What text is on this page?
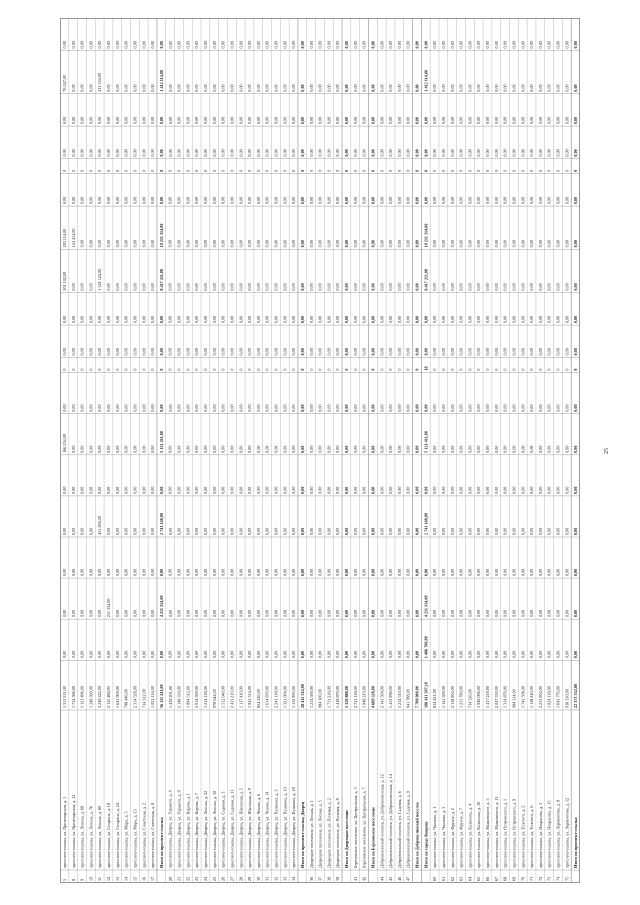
5
проспект-ссылка, ул. Пролетарская, д. 1
1 311 531,00
0,00
0,00
0,00
0,00
0,00
166 254,00
0,00
0
0,00
0,00
201 102,00
203 114,00
0,00
0
0,00
0,00
76 247,00
0,00
8
проспект-ссылка, ул. Пролетарская, д. 12
1 714 566,00
0,00
0,00
0,00
0,00
0,00
0,00
0,00
0
0,00
0,00
0,00
154 414,00
0,00
0
0,00
0,00
0,00
0,00
9
проспект-ссылка, ул. Ленина, д. 68
1 121 496,00
0,00
0,00
0,00
0,00
0,00
0,00
0,00
0
0,00
0,00
0,00
0,00
0,00
0
0,00
0,00
0,00
0,00
10
проспект-ссылка, ул. Ленина, д. 76
1 248 300,00
0,00
0,00
0,00
0,00
0,00
0,00
0,00
0
0,00
0,00
0,00
0,00
0,00
0
0,00
0,00
0,00
0,00
11
проспект-ссылка, ул. Ленина, д. 80
3 248 222,00
0,00
0,00
0,00
451 294,00
0,00
0,00
0,00
0
0,00
0,00
1 521 124,00
0,00
0,00
0
0,00
0,00
211 354,00
0,00
12
проспект-ссылка, ул. Гагарина, д. 18
2 111 468,00
0,00
211 334,00
0,00
0,00
0,00
0,00
0,00
0
0,00
0,00
0,00
0,00
0,00
0
0,00
0,00
0,00
0,00
13
проспект-ссылка, ул. Гагарина, д. 24
1 641 900,00
0,00
0,00
0,00
0,00
0,00
0,00
0,00
0
0,00
0,00
0,00
0,00
0,00
0
0,00
0,00
0,00
0,00
14
проспект-ссылка, ул. Мира, д. 5
798 440,00
0,00
0,00
0,00
0,00
0,00
0,00
0,00
0
0,00
0,00
0,00
0,00
0,00
0
0,00
0,00
0,00
0,00
15
проспект-ссылка, ул. Мира, д. 13
2 314 528,00
0,00
0,00
0,00
0,00
0,00
0,00
0,00
0
0,00
0,00
0,00
0,00
0,00
0
0,00
0,00
0,00
0,00
16
проспект-ссылка, ул. Советская, д. 2
714 312,00
0,00
0,00
0,00
0,00
0,00
0,00
0,00
0
0,00
0,00
0,00
0,00
0,00
0
0,00
0,00
0,00
0,00
17
проспект-ссылка, ул. Советская, д. 8
1 021 114,00
0,00
0,00
0,00
0,00
0,00
0,00
0,00
0
0,00
0,00
0,00
0,00
0,00
0
0,00
0,00
0,00
0,00
Итого по проспект-ссылка
56 111 241,00
0,00
4 211 314,00
0,00
2 741 148,00
0,00
5 121 411,00
0,00
0
0,00
0,00
8 417 211,00
10 211 314,00
0,00
0
0,00
0,00
1 412 114,00
0,00
20
проспект-ссылка, Дворец, ул. Горького, д. 4
1 418 201,00
0,00
0,00
0,00
0,00
0,00
0,00
0,00
0
0,00
0,00
0,00
0,00
0,00
0
0,00
0,00
0,00
0,00
21
проспект-ссылка, Дворец, ул. Горького, д. 9
2 148 330,00
0,00
0,00
0,00
0,00
0,00
0,00
0,00
0
0,00
0,00
0,00
0,00
0,00
0
0,00
0,00
0,00
0,00
22
проспект-ссылка, Дворец, ул. Кирова, д. 1
1 894 512,00
0,00
0,00
0,00
0,00
0,00
0,00
0,00
0
0,00
0,00
0,00
0,00
0,00
0
0,00
0,00
0,00
0,00
23
проспект-ссылка, Дворец, ул. Кирова, д. 7
2 014 300,00
0,00
0,00
0,00
0,00
0,00
0,00
0,00
0
0,00
0,00
0,00
0,00
0,00
0
0,00
0,00
0,00
0,00
24
проспект-ссылка, Дворец, ул. Ленина, д. 22
1 214 118,00
0,00
0,00
0,00
0,00
0,00
0,00
0,00
0
0,00
0,00
0,00
0,00
0,00
0
0,00
0,00
0,00
0,00
25
проспект-ссылка, Дворец, ул. Ленина, д. 30
978 644,00
0,00
0,00
0,00
0,00
0,00
0,00
0,00
0
0,00
0,00
0,00
0,00
0,00
0
0,00
0,00
0,00
0,00
26
проспект-ссылка, Дворец, ул. Садовая, д. 3
1 512 040,00
0,00
0,00
0,00
0,00
0,00
0,00
0,00
0
0,00
0,00
0,00
0,00
0,00
0
0,00
0,00
0,00
0,00
27
проспект-ссылка, Дворец, ул. Садовая, д. 11
2 411 210,00
0,00
0,00
0,00
0,00
0,00
0,00
0,00
0
0,00
0,00
0,00
0,00
0,00
0
0,00
0,00
0,00
0,00
28
проспект-ссылка, Дворец, ул. Школьная, д. 5
1 117 410,00
0,00
0,00
0,00
0,00
0,00
0,00
0,00
0
0,00
0,00
0,00
0,00
0,00
0
0,00
0,00
0,00
0,00
29
проспект-ссылка, Дворец, ул. Школьная, д. 9
1 941 314,00
0,00
0,00
0,00
0,00
0,00
0,00
0,00
0
0,00
0,00
0,00
0,00
0,00
0
0,00
0,00
0,00
0,00
30
проспект-ссылка, Дворец, ул. Чехова, д. 6
854 220,00
0,00
0,00
0,00
0,00
0,00
0,00
0,00
0
0,00
0,00
0,00
0,00
0,00
0
0,00
0,00
0,00
0,00
31
проспект-ссылка, Дворец, ул. Чехова, д. 14
1 614 870,00
0,00
0,00
0,00
0,00
0,00
0,00
0,00
0
0,00
0,00
0,00
0,00
0,00
0
0,00
0,00
0,00
0,00
32
проспект-ссылка, Дворец, ул. Пушкина, д. 2
2 241 118,00
0,00
0,00
0,00
0,00
0,00
0,00
0,00
0
0,00
0,00
0,00
0,00
0,00
0
0,00
0,00
0,00
0,00
33
проспект-ссылка, Дворец, ул. Пушкина, д. 10
1 321 004,00
0,00
0,00
0,00
0,00
0,00
0,00
0,00
0
0,00
0,00
0,00
0,00
0,00
0
0,00
0,00
0,00
0,00
34
проспект-ссылка, Дворец, ул. Пушкина, д. 18
1 112 900,00
0,00
0,00
0,00
0,00
0,00
0,00
0,00
0
0,00
0,00
0,00
0,00
0,00
0
0,00
0,00
0,00
0,00
Итого по проспект-ссылка, Дворец
28 411 314,00
0,00
0,00
0,00
0,00
0,00
0,00
0,00
0
0,00
0,00
0,00
0,00
0,00
0
0,00
0,00
0,00
0,00
36
Дворецкое поселение, ул. Лесная, д. 1
1 214 500,00
0,00
0,00
0,00
0,00
0,00
0,00
0,00
0
0,00
0,00
0,00
0,00
0,00
0
0,00
0,00
0,00
0,00
37
Дворецкое поселение, ул. Лесная, д. 5
984 300,00
0,00
0,00
0,00
0,00
0,00
0,00
0,00
0
0,00
0,00
0,00
0,00
0,00
0
0,00
0,00
0,00
0,00
38
Дворецкое поселение, ул. Полевая, д. 2
1 711 218,00
0,00
0,00
0,00
0,00
0,00
0,00
0,00
0
0,00
0,00
0,00
0,00
0,00
0
0,00
0,00
0,00
0,00
39
Дворецкое поселение, ул. Полевая, д. 8
1 418 870,00
0,00
0,00
0,00
0,00
0,00
0,00
0,00
0
0,00
0,00
0,00
0,00
0,00
0
0,00
0,00
0,00
0,00
Итого по Дворецкое поселение
5 328 888,00
0,00
0,00
0,00
0,00
0,00
0,00
0,00
0
0,00
0,00
0,00
0,00
0,00
0
0,00
0,00
0,00
0,00
41
Березовское поселение, ул. Центральная, д. 3
2 741 118,00
0,00
0,00
0,00
0,00
0,00
0,00
0,00
0
0,00
0,00
0,00
0,00
0,00
0
0,00
0,00
0,00
0,00
42
Березовское поселение, ул. Центральная, д. 7
1 948 210,00
0,00
0,00
0,00
0,00
0,00
0,00
0,00
0
0,00
0,00
0,00
0,00
0,00
0
0,00
0,00
0,00
0,00
Итого по Березовское поселение
4 689 328,00
0,00
0,00
0,00
0,00
0,00
0,00
0,00
0
0,00
0,00
0,00
0,00
0,00
0
0,00
0,00
0,00
0,00
44
Доброволинский поселок, ул. Доброволинская, д. 12
2 141 504,00
0,00
0,00
0,00
0,00
0,00
0,00
0,00
0
0,00
0,00
0,00
0,00
0,00
0
0,00
0,00
0,00
0,00
45
Доброволинский поселок, ул. Доброволинская, д. 14
1 411 098,00
0,00
0,00
0,00
0,00
0,00
0,00
0,00
0
0,00
0,00
0,00
0,00
0,00
0
0,00
0,00
0,00
0,00
46
Доброволинский поселок, ул. Садовая, д. 6
3 214 510,00
0,00
0,00
0,00
0,00
0,00
0,00
0,00
0
0,00
0,00
0,00
0,00
0,00
0
0,00
0,00
0,00
0,00
47
Доброволинский поселок, ул. Садовая, д. 9
941 788,00
0,00
0,00
0,00
0,00
0,00
0,00
0,00
0
0,00
0,00
0,00
0,00
0,00
0
0,00
0,00
0,00
0,00
Итого по Доброволинский поселок
7 708 900,00
0,00
0,00
0,00
0,00
0,00
0,00
0,00
0
0,00
0,00
0,00
0,00
0,00
0
0,00
0,00
0,00
0,00
Итого по городу Коврову
108 411 397,10
1 406 700,00
4 211 314,00
0,00
2 741 148,00
0,00
5 121 411,00
0,00
18
0,00
0,00
8 417 211,00
10 211 314,00
0,00
0
0,00
0,00
1 412 114,00
0,00
60
проспект-ссылка, ул. Чкалова, д. 1
814 221,00
0,00
0,00
0,00
0,00
0,00
0,00
0,00
0
0,00
0,00
0,00
0,00
0,00
0
0,00
0,00
0,00
0,00
61
проспект-ссылка, ул. Чкалова, д. 3
1 141 300,00
0,00
0,00
0,00
0,00
0,00
0,00
0,00
0
0,00
0,00
0,00
0,00
0,00
0
0,00
0,00
0,00
0,00
62
проспект-ссылка, ул. Фрунзе, д. 2
2 118 004,00
0,00
0,00
0,00
0,00
0,00
0,00
0,00
0
0,00
0,00
0,00
0,00
0,00
0
0,00
0,00
0,00
0,00
63
проспект-ссылка, ул. Фрунзе, д. 7
1 211 780,00
0,00
0,00
0,00
0,00
0,00
0,00
0,00
0
0,00
0,00
0,00
0,00
0,00
0
0,00
0,00
0,00
0,00
64
проспект-ссылка, ул. Калинина, д. 4
714 520,00
0,00
0,00
0,00
0,00
0,00
0,00
0,00
0
0,00
0,00
0,00
0,00
0,00
0
0,00
0,00
0,00
0,00
65
проспект-ссылка, ул. Калинина, д. 10
1 948 006,00
0,00
0,00
0,00
0,00
0,00
0,00
0,00
0
0,00
0,00
0,00
0,00
0,00
0
0,00
0,00
0,00
0,00
66
проспект-ссылка, ул. Маяковского, д. 5
1 417 218,00
0,00
0,00
0,00
0,00
0,00
0,00
0,00
0
0,00
0,00
0,00
0,00
0,00
0
0,00
0,00
0,00
0,00
67
проспект-ссылка, ул. Маяковского, д. 11
2 047 330,00
0,00
0,00
0,00
0,00
0,00
0,00
0,00
0
0,00
0,00
0,00
0,00
0,00
0
0,00
0,00
0,00
0,00
68
проспект-ссылка, ул. Островского, д. 1
1 314 870,00
0,00
0,00
0,00
0,00
0,00
0,00
0,00
0
0,00
0,00
0,00
0,00
0,00
0
0,00
0,00
0,00
0,00
69
проспект-ссылка, ул. Островского, д. 9
984 114,00
0,00
0,00
0,00
0,00
0,00
0,00
0,00
0
0,00
0,00
0,00
0,00
0,00
0
0,00
0,00
0,00
0,00
70
проспект-ссылка, ул. Толстого, д. 2
1 741 508,00
0,00
0,00
0,00
0,00
0,00
0,00
0,00
0
0,00
0,00
0,00
0,00
0,00
0
0,00
0,00
0,00
0,00
71
проспект-ссылка, ул. Толстого, д. 6
1 118 240,00
0,00
0,00
0,00
0,00
0,00
0,00
0,00
0
0,00
0,00
0,00
0,00
0,00
0
0,00
0,00
0,00
0,00
72
проспект-ссылка, ул. Некрасова, д. 3
2 211 004,00
0,00
0,00
0,00
0,00
0,00
0,00
0,00
0
0,00
0,00
0,00
0,00
0,00
0
0,00
0,00
0,00
0,00
73
проспект-ссылка, ул. Некрасова, д. 15
1 024 118,00
0,00
0,00
0,00
0,00
0,00
0,00
0,00
0
0,00
0,00
0,00
0,00
0,00
0
0,00
0,00
0,00
0,00
74
проспект-ссылка, ул. Лермонтова, д. 8
1 641 770,00
0,00
0,00
0,00
0,00
0,00
0,00
0,00
0
0,00
0,00
0,00
0,00
0,00
0
0,00
0,00
0,00
0,00
75
проспект-ссылка, ул. Лермонтова, д. 12
918 330,00
0,00
0,00
0,00
0,00
0,00
0,00
0,00
0
0,00
0,00
0,00
0,00
0,00
0
0,00
0,00
0,00
0,00
Итого по проспект-ссылка
22 371 332,00
0,00
0,00
0,00
0,00
0,00
0,00
0,00
0
0,00
0,00
0,00
0,00
0,00
0
0,00
0,00
0,00
0,00
25
